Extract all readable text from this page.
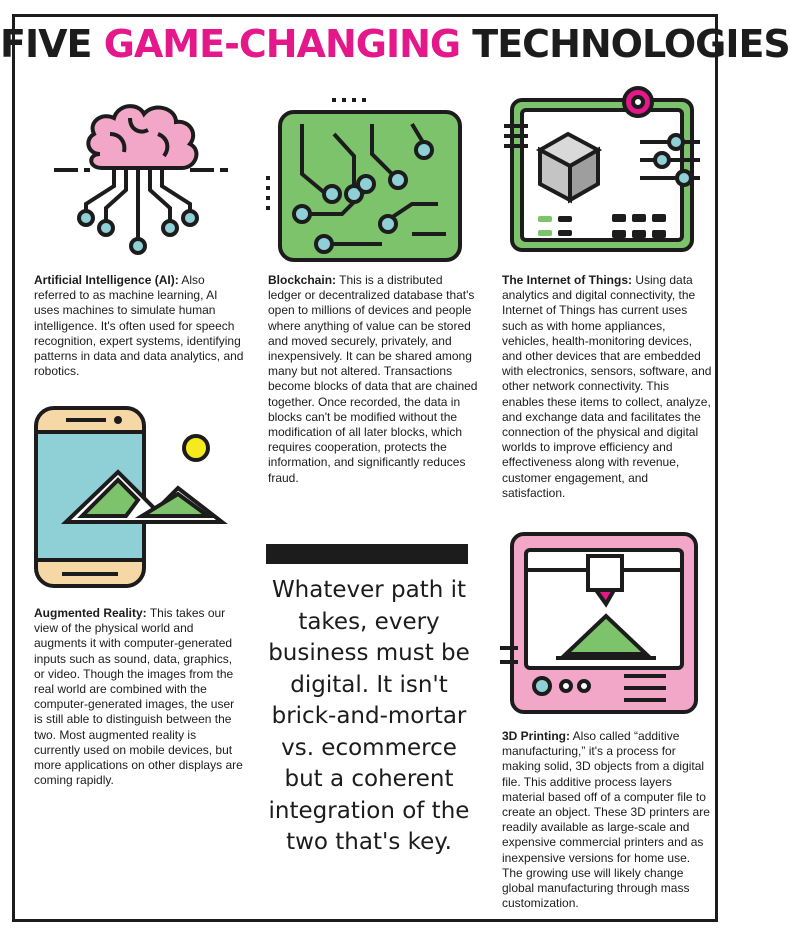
FIVE GAME-CHANGING TECHNOLOGIES
Artificial Intelligence (AI): Also referred to as machine learning, AI uses machines to simulate human intelligence. It's often used for speech recognition, expert systems, identifying patterns in data and data analytics, and robotics.
Blockchain: This is a distributed ledger or decentralized database that's open to millions of devices and people where anything of value can be stored and moved securely, privately, and inexpensively. It can be shared among many but not altered. Transactions become blocks of data that are chained together. Once recorded, the data in blocks can't be modified without the modification of all later blocks, which requires cooperation, protects the information, and significantly reduces fraud.
The Internet of Things: Using data analytics and digital connectivity, the Internet of Things has current uses such as with home appliances, vehicles, health-monitoring devices, and other devices that are embedded with electronics, sensors, software, and other network connectivity. This enables these items to collect, analyze, and exchange data and facilitates the connection of the physical and digital worlds to improve efficiency and effectiveness along with revenue, customer engagement, and satisfaction.
Augmented Reality: This takes our view of the physical world and augments it with computer-generated inputs such as sound, data, graphics, or video. Though the images from the real world are combined with the computer-generated images, the user is still able to distinguish between the two. Most augmented reality is currently used on mobile devices, but more applications on other displays are coming rapidly.
3D Printing: Also called “additive manufacturing,” it's a process for making solid, 3D objects from a digital file. This additive process layers material based off of a computer file to create an object. These 3D printers are readily available as large-scale and expensive commercial printers and as inexpensive versions for home use. The growing use will likely change global manufacturing through mass customization.
Whatever path it takes, every business must be digital. It isn't brick-and-mortar vs. ecommerce but a coherent integration of the two that's key.
